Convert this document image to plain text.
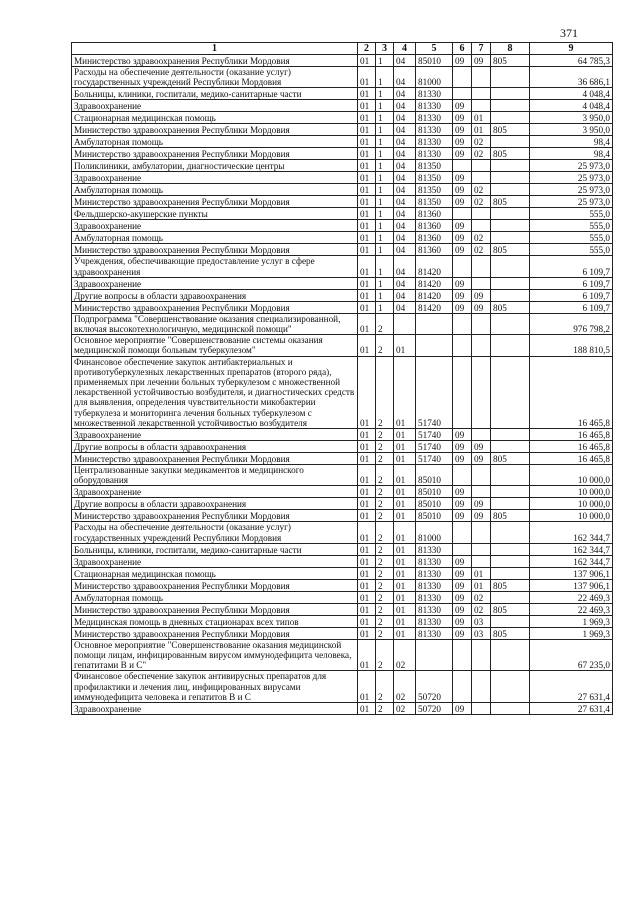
371
1	2	3	4	5	6	7	8	9
Министерство здравоохранения Республики Мордовия	01	1	04	85010	09	09	805	64 785,3
Расходы на обеспечение деятельности (оказание услуг) государственных учреждений Республики Мордовия	01	1	04	81000				36 686,1
Больницы, клиники, госпитали, медико-санитарные части	01	1	04	81330				4 048,4
Здравоохранение	01	1	04	81330	09			4 048,4
Стационарная медицинская помощь	01	1	04	81330	09	01		3 950,0
Министерство здравоохранения Республики Мордовия	01	1	04	81330	09	01	805	3 950,0
Амбулаторная помощь	01	1	04	81330	09	02		98,4
Министерство здравоохранения Республики Мордовия	01	1	04	81330	09	02	805	98,4
Поликлиники, амбулатории, диагностические центры	01	1	04	81350				25 973,0
Здравоохранение	01	1	04	81350	09			25 973,0
Амбулаторная помощь	01	1	04	81350	09	02		25 973,0
Министерство здравоохранения Республики Мордовия	01	1	04	81350	09	02	805	25 973,0
Фельдшерско-акушерские пункты	01	1	04	81360				555,0
Здравоохранение	01	1	04	81360	09			555,0
Амбулаторная помощь	01	1	04	81360	09	02		555,0
Министерство здравоохранения Республики Мордовия	01	1	04	81360	09	02	805	555,0
Учреждения, обеспечивающие предоставление услуг в сфере здравоохранения	01	1	04	81420				6 109,7
Здравоохранение	01	1	04	81420	09			6 109,7
Другие вопросы в области здравоохранения	01	1	04	81420	09	09		6 109,7
Министерство здравоохранения Республики Мордовия	01	1	04	81420	09	09	805	6 109,7
Подпрограмма "Совершенствование оказания специализированной, включая высокотехнологичную, медицинской помощи"	01	2						976 798,2
Основное мероприятие "Совершенствование системы оказания медицинской помощи больным туберкулезом"	01	2	01					188 810,5
Финансовое обеспечение закупок антибактериальных и противотуберкулезных лекарственных препаратов (второго ряда), применяемых при лечении больных туберкулезом с множественной лекарственной устойчивостью возбудителя, и диагностических средств для выявления, определения чувствительности микобактерии туберкулеза и мониторинга лечения больных туберкулезом с множественной лекарственной устойчивостью возбудителя	01	2	01	51740				16 465,8
Здравоохранение	01	2	01	51740	09			16 465,8
Другие вопросы в области здравоохранения	01	2	01	51740	09	09		16 465,8
Министерство здравоохранения Республики Мордовия	01	2	01	51740	09	09	805	16 465,8
Централизованные закупки медикаментов и медицинского оборудования	01	2	01	85010				10 000,0
Здравоохранение	01	2	01	85010	09			10 000,0
Другие вопросы в области здравоохранения	01	2	01	85010	09	09		10 000,0
Министерство здравоохранения Республики Мордовия	01	2	01	85010	09	09	805	10 000,0
Расходы на обеспечение деятельности (оказание услуг) государственных учреждений Республики Мордовия	01	2	01	81000				162 344,7
Больницы, клиники, госпитали, медико-санитарные части	01	2	01	81330				162 344,7
Здравоохранение	01	2	01	81330	09			162 344,7
Стационарная медицинская помощь	01	2	01	81330	09	01		137 906,1
Министерство здравоохранения Республики Мордовия	01	2	01	81330	09	01	805	137 906,1
Амбулаторная помощь	01	2	01	81330	09	02		22 469,3
Министерство здравоохранения Республики Мордовия	01	2	01	81330	09	02	805	22 469,3
Медицинская помощь в дневных стационарах всех типов	01	2	01	81330	09	03		1 969,3
Министерство здравоохранения Республики Мордовия	01	2	01	81330	09	03	805	1 969,3
Основное мероприятие "Совершенствование оказания медицинской помощи лицам, инфицированным вирусом иммунодефицита человека, гепатитами В и С"	01	2	02					67 235,0
Финансовое обеспечение закупок антивирусных препаратов для профилактики и лечения лиц, инфицированных вирусами иммунодефицита человека и гепатитов В и С	01	2	02	50720				27 631,4
Здравоохранение	01	2	02	50720	09			27 631,4
